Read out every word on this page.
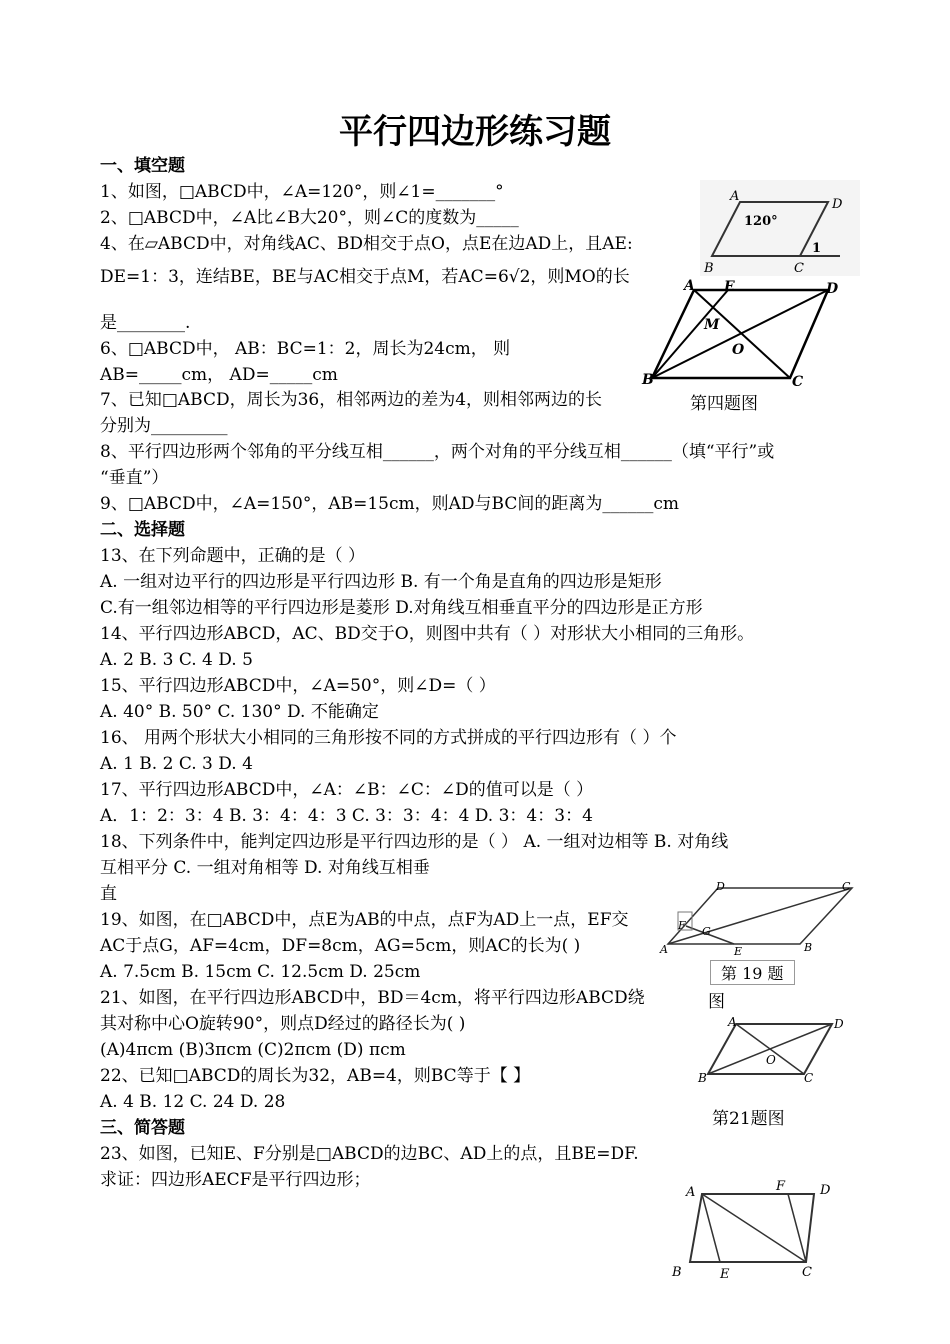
平行四边形练习题
一、填空题
1、如图，□ABCD中，∠A=120°，则∠1=_______°
2、□ABCD中，∠A比∠B大20°，则∠C的度数为_____
4、在▱ABCD中，对角线AC、BD相交于点O，点E在边AD上，且AE:
DE=1：3，连结BE，BE与AC相交于点M，若AC=6√2，则MO的长
是________.
6、□ABCD中， AB：BC=1：2，周长为24cm， 则
AB=_____cm， AD=_____cm
7、已知□ABCD，周长为36，相邻两边的差为4，则相邻两边的长
分别为_________
8、平行四边形两个邻角的平分线互相______，两个对角的平分线互相______（填“平行”或
“垂直”）
9、□ABCD中，∠A=150°，AB=15cm，则AD与BC间的距离为______cm
二、选择题
13、在下列命题中，正确的是（ ）
A. 一组对边平行的四边形是平行四边形 B. 有一个角是直角的四边形是矩形
C.有一组邻边相等的平行四边形是菱形 D.对角线互相垂直平分的四边形是正方形
14、平行四边形ABCD，AC、BD交于O，则图中共有（ ）对形状大小相同的三角形。
A. 2 B. 3 C. 4 D. 5
15、平行四边形ABCD中，∠A=50°，则∠D=（ ）
A. 40° B. 50° C. 130° D. 不能确定
16、 用两个形状大小相同的三角形按不同的方式拼成的平行四边形有（ ）个
A. 1 B. 2 C. 3 D. 4
17、平行四边形ABCD中，∠A：∠B：∠C：∠D的值可以是（ ）
A．1：2：3：4 B. 3：4：4：3 C. 3：3：4：4 D. 3：4：3：4
18、下列条件中，能判定四边形是平行四边形的是（ ） A. 一组对边相等 B. 对角线
互相平分 C. 一组对角相等 D. 对角线互相垂
直
19、如图，在□ABCD中，点E为AB的中点，点F为AD上一点，EF交
AC于点G，AF=4cm，DF=8cm，AG=5cm，则AC的长为( )
A. 7.5cm B. 15cm C. 12.5cm D. 25cm
21、如图，在平行四边形ABCD中，BD＝4cm，将平行四边形ABCD绕
其对称中心O旋转90°，则点D经过的路径长为( )
(A)4πcm (B)3πcm (C)2πcm (D) πcm
22、已知□ABCD的周长为32，AB=4，则BC等于【 】
A. 4 B. 12 C. 24 D. 28
三、简答题
23、如图，已知E、F分别是□ABCD的边BC、AD上的点，且BE=DF.
求证：四边形AECF是平行四边形；
A
D
B	C
120°
1
A E	D
M
O
B	C
第四题图
D	C
F G
A	E	B
第 19 题
图
A	D
O
B	C
第21题图
A	F	D
B	E	C
